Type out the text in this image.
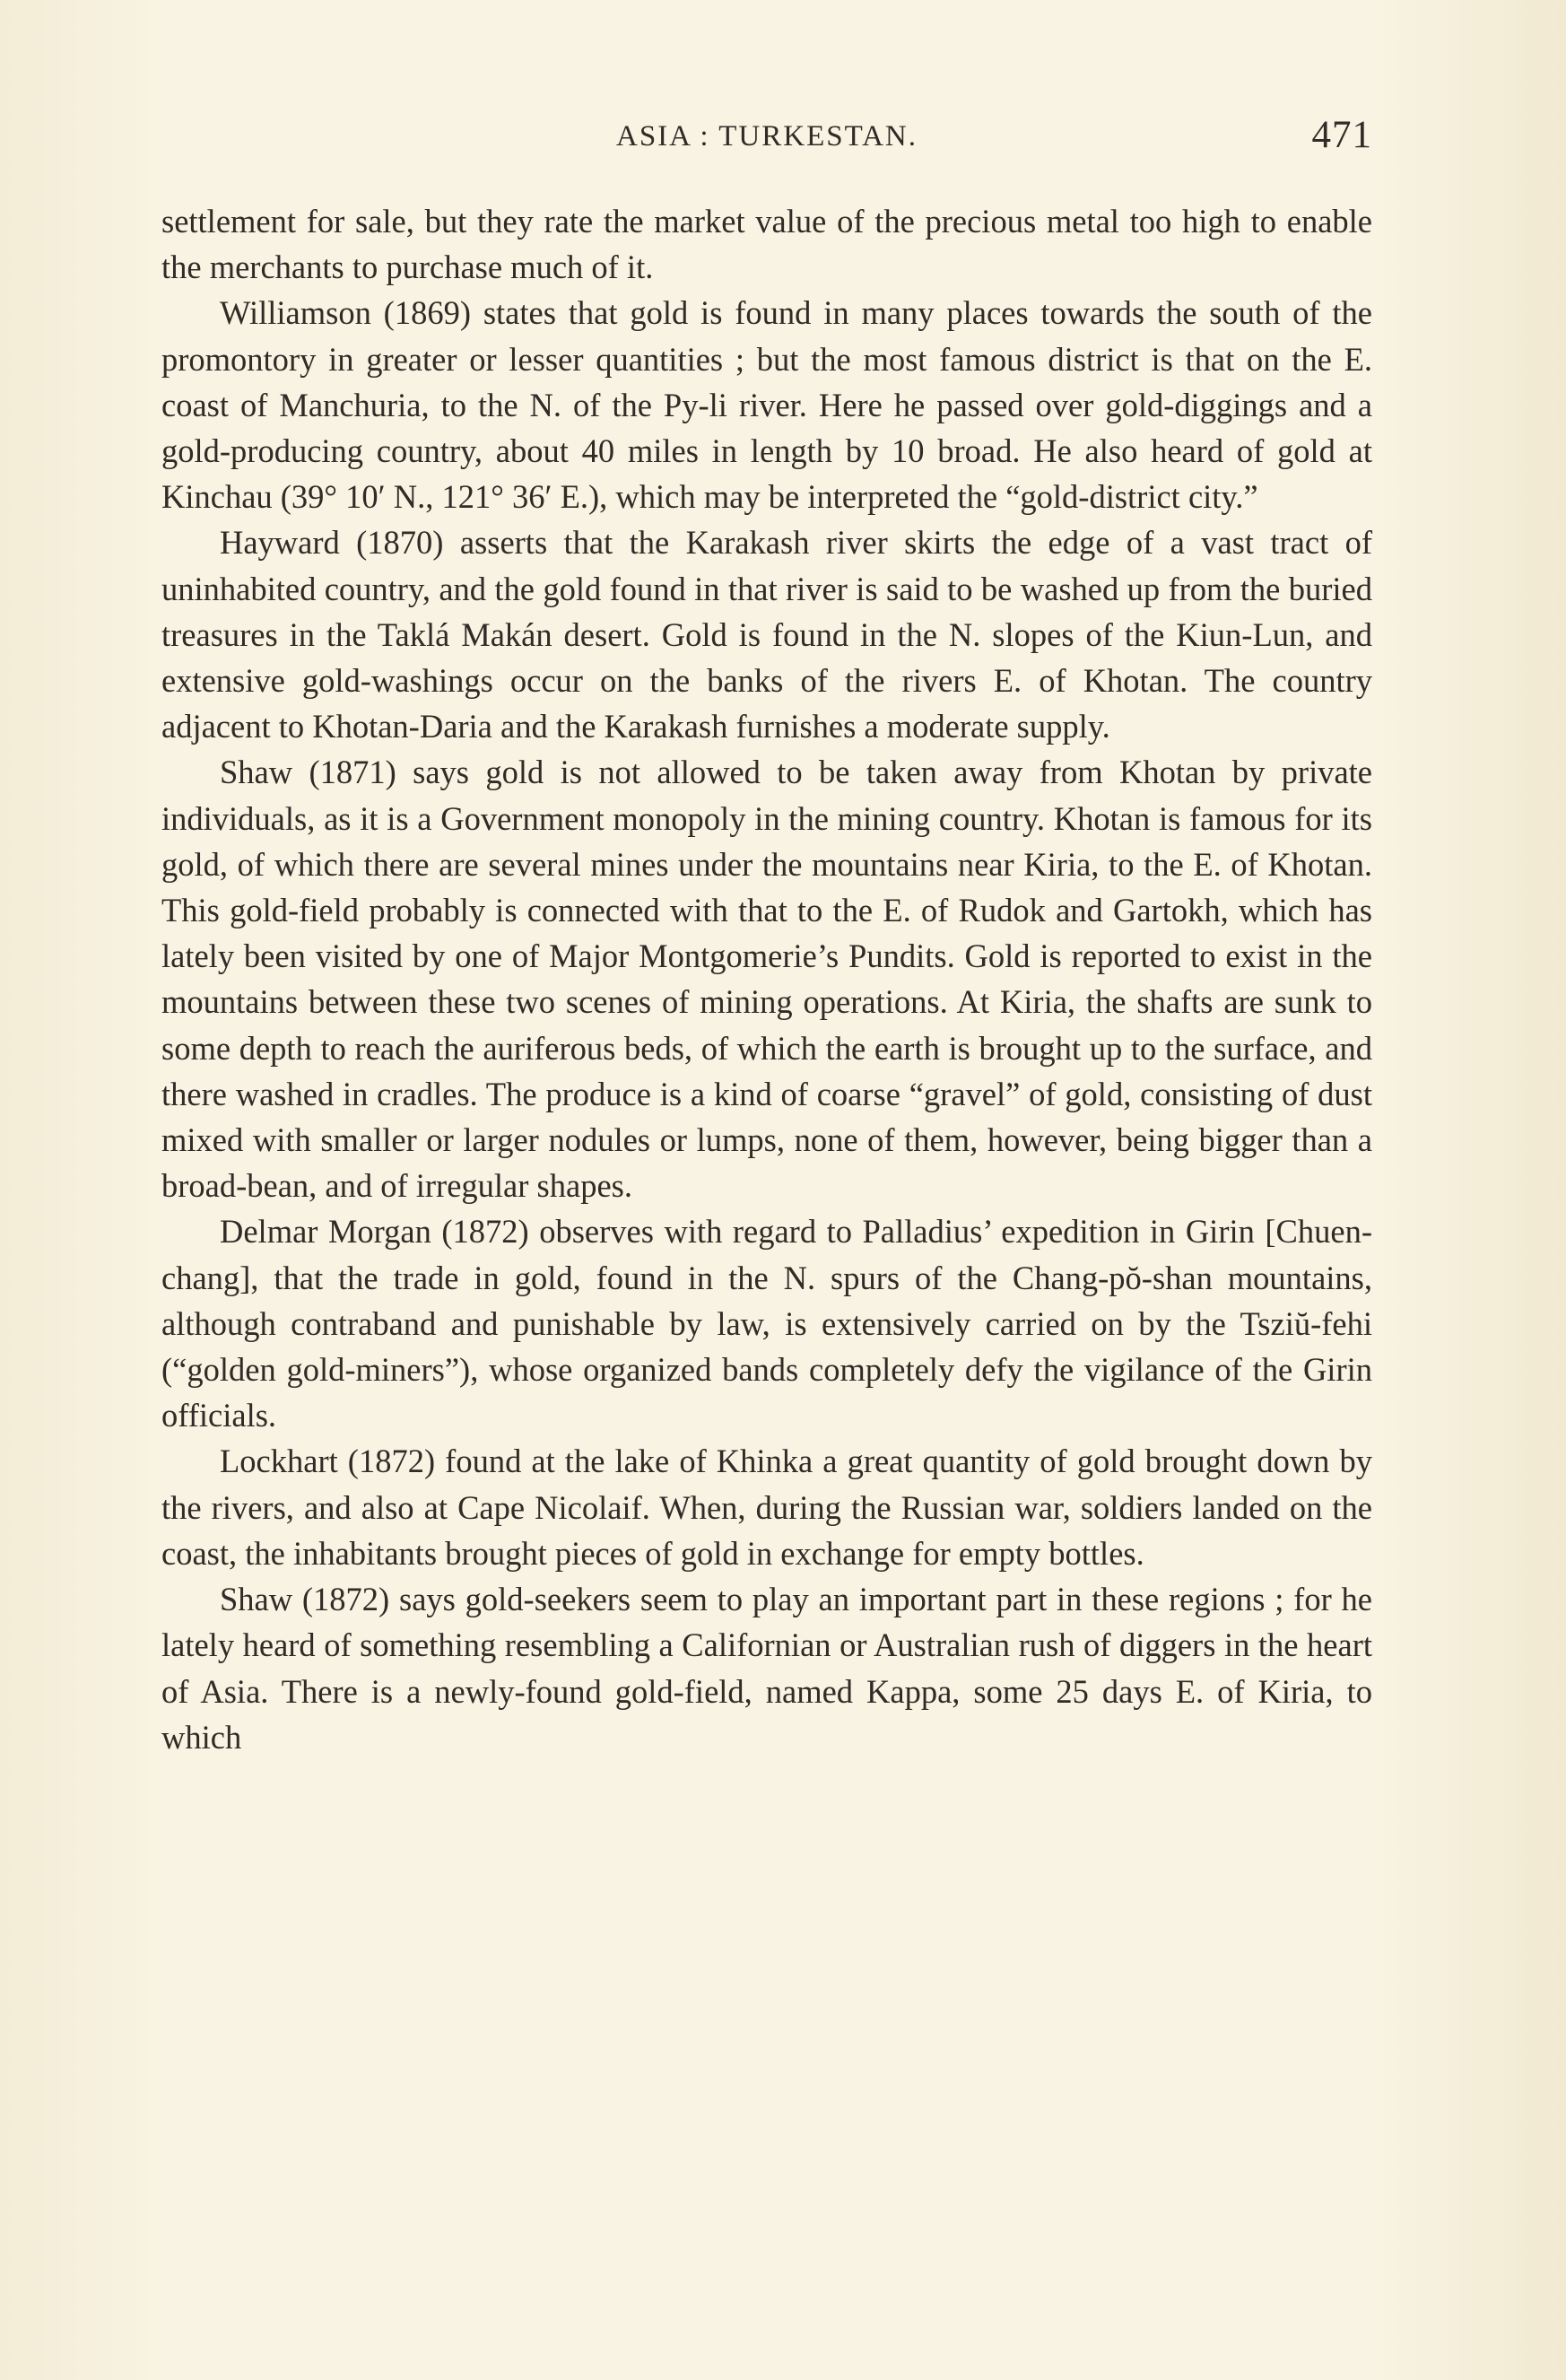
ASIA : TURKESTAN.	471

settlement for sale, but they rate the market value of the precious metal too high to enable the merchants to purchase much of it.

Williamson (1869) states that gold is found in many places towards the south of the promontory in greater or lesser quantities ; but the most famous district is that on the E. coast of Manchuria, to the N. of the Py-li river. Here he passed over gold-diggings and a gold-producing country, about 40 miles in length by 10 broad. He also heard of gold at Kinchau (39° 10′ N., 121° 36′ E.), which may be interpreted the “gold-district city.”

Hayward (1870) asserts that the Karakash river skirts the edge of a vast tract of uninhabited country, and the gold found in that river is said to be washed up from the buried treasures in the Taklá Makán desert. Gold is found in the N. slopes of the Kiun-Lun, and extensive gold-washings occur on the banks of the rivers E. of Khotan. The country adjacent to Khotan-Daria and the Karakash furnishes a moderate supply.

Shaw (1871) says gold is not allowed to be taken away from Khotan by private individuals, as it is a Government monopoly in the mining country. Khotan is famous for its gold, of which there are several mines under the mountains near Kiria, to the E. of Khotan. This gold-field probably is connected with that to the E. of Rudok and Gartokh, which has lately been visited by one of Major Montgomerie’s Pundits. Gold is reported to exist in the mountains between these two scenes of mining operations. At Kiria, the shafts are sunk to some depth to reach the auriferous beds, of which the earth is brought up to the surface, and there washed in cradles. The produce is a kind of coarse “gravel” of gold, consisting of dust mixed with smaller or larger nodules or lumps, none of them, however, being bigger than a broad-bean, and of irregular shapes.

Delmar Morgan (1872) observes with regard to Palladius’ expedition in Girin [Chuen-chang], that the trade in gold, found in the N. spurs of the Chang-pŏ-shan mountains, although contraband and punishable by law, is extensively carried on by the Tsziŭ-fehi (“golden gold-miners”), whose organized bands completely defy the vigilance of the Girin officials.

Lockhart (1872) found at the lake of Khinka a great quantity of gold brought down by the rivers, and also at Cape Nicolaif. When, during the Russian war, soldiers landed on the coast, the inhabitants brought pieces of gold in exchange for empty bottles.

Shaw (1872) says gold-seekers seem to play an important part in these regions ; for he lately heard of something resembling a Californian or Australian rush of diggers in the heart of Asia. There is a newly-found gold-field, named Kappa, some 25 days E. of Kiria, to which
